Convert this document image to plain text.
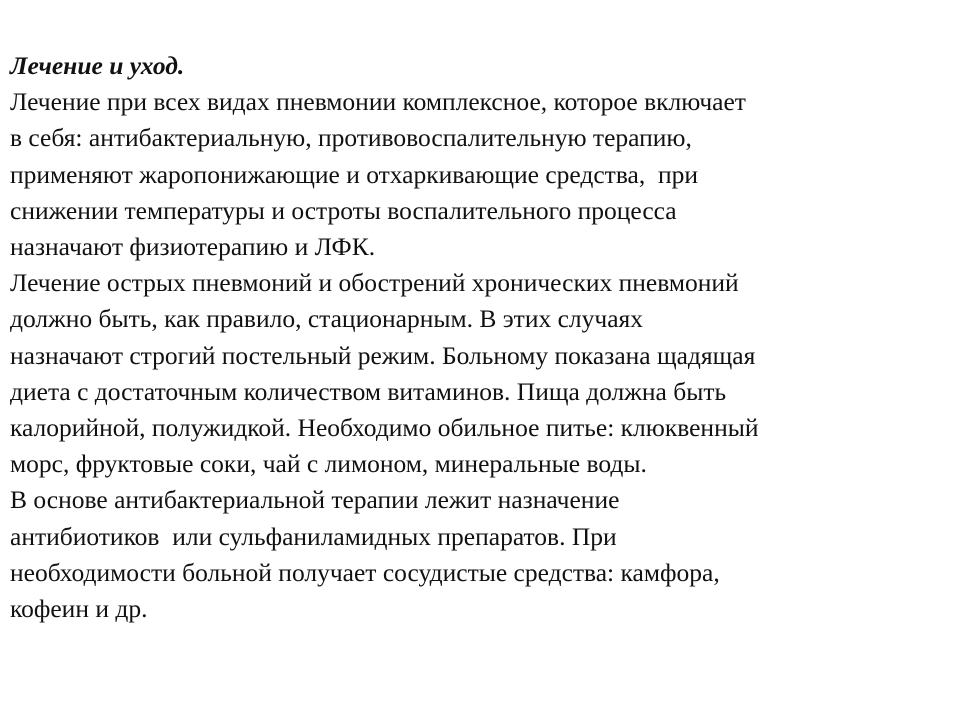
Лечение и уход.
Лечение при всех видах пневмонии комплексное, которое включает
в себя: антибактериальную, противовоспалительную терапию,
применяют жаропонижающие и отхаркивающие средства,  при
снижении температуры и остроты воспалительного процесса
назначают физиотерапию и ЛФК.
Лечение острых пневмоний и обострений хронических пневмоний
должно быть, как правило, стационарным. В этих случаях
назначают строгий постельный режим. Больному показана щадящая
диета с достаточным количеством витаминов. Пища должна быть
калорийной, полужидкой. Необходимо обильное питье: клюквенный
морс, фруктовые соки, чай с лимоном, минеральные воды.
В основе антибактериальной терапии лежит назначение
антибиотиков  или сульфаниламидных препаратов. При
необходимости больной получает сосудистые средства: камфора,
кофеин и др.
